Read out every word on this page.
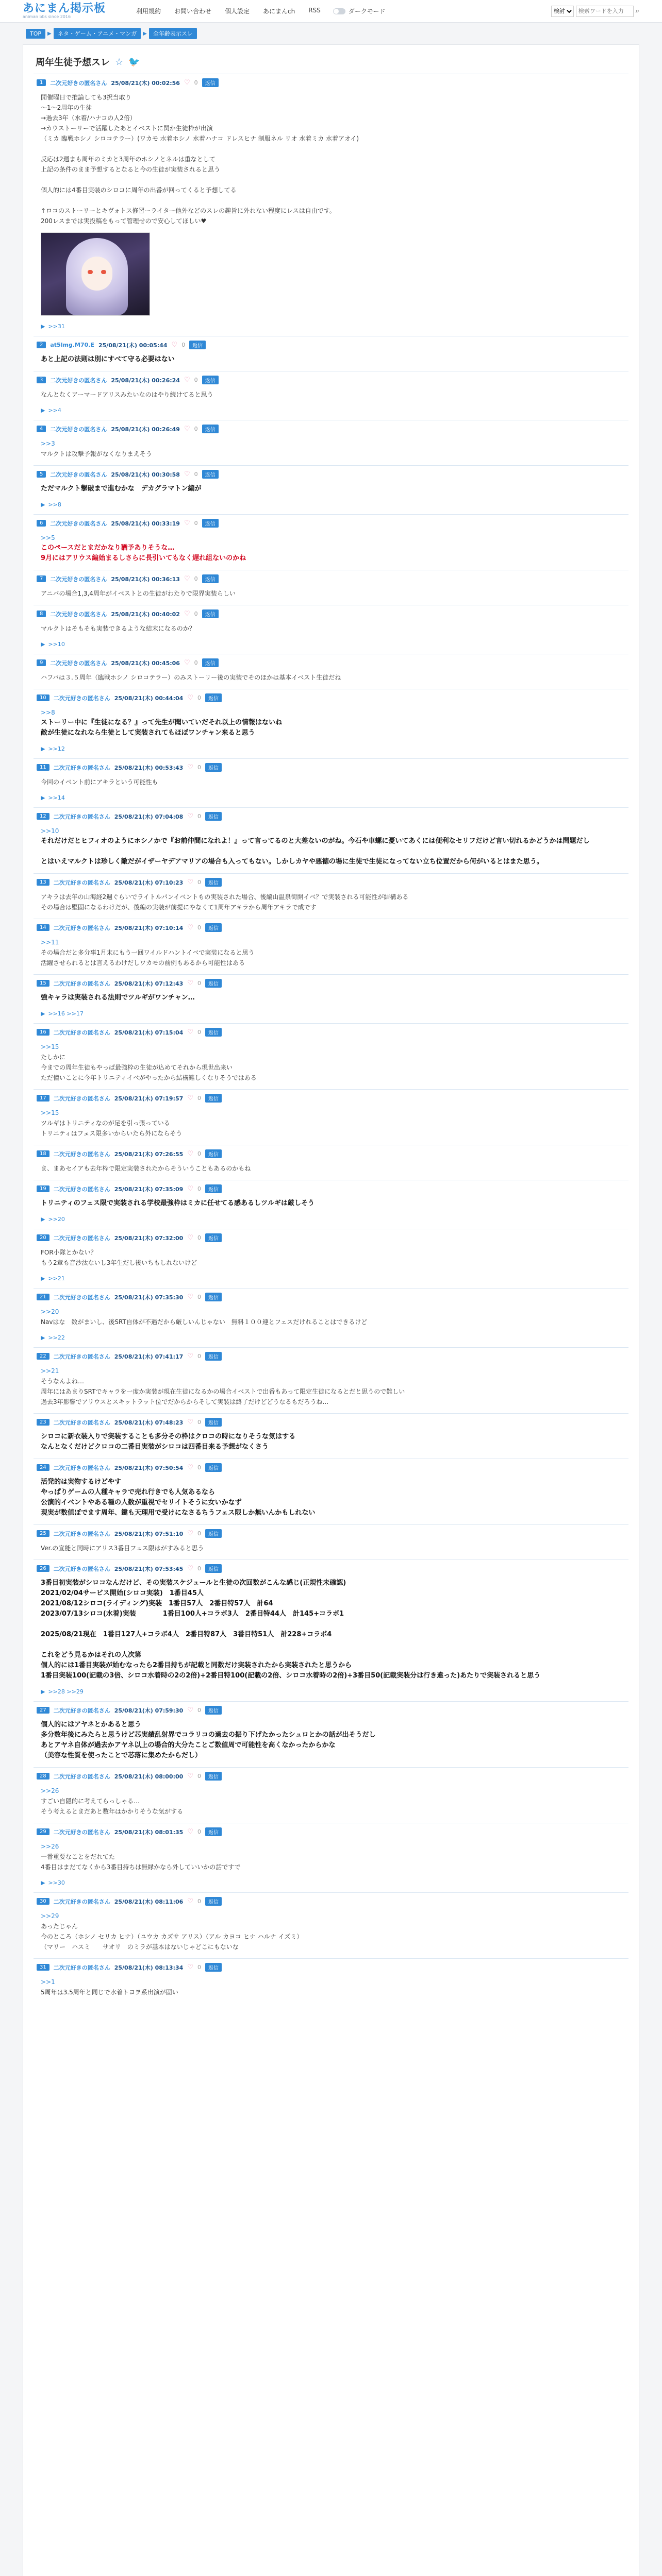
あにまん掲示板
animan bbs since 2016
利用規約 お問い合わせ 個人設定 あにまんch RSS	ダークモード
検討
検索ワードを入力	⌕
TOP	▶	ネタ・ゲーム・アニメ・マンガ	▶	全年齢表示スレ
周年生徒予想スレ ☆ 🐦
1	二次元好きの匿名さん 25/08/21(木) 00:02:56 ♡ 0	返信
開催曜日で推論しても3択当取り
～1～2周年の生徒
→過去3年（水着/ハナコの人2倍）
→カウストーリーで活躍したあとイベストに関か生徒枠が出演
（ミカ 臨戦ホシノ シロコテラー）(ワカモ 水着ホシノ 水着ハナコ ドレスヒナ 制服ネル リオ 水着ミカ 水着アオイ)
反応は2週まも周年のミカと3周年のホシノとネルは重なとして
上記の条件のまま予想するとなると今の生徒が実装されると思う
個人的には4番目実装のシロコに周年の出番が回ってくると予想してる
↑ロコのストーリーとキヴォトス修習ーライター他外などのスレの趣旨に外れない程度にレスは自由です。
200レスまでは実投稿をもって管理せので安心してほしい♥
▶ >>31
2	at5lmg.M70.E 25/08/21(木) 00:05:44 ♡ 0	返信
あと上記の法則は別にすべて守る必要はない
3	二次元好きの匿名さん 25/08/21(木) 00:26:24 ♡ 0	返信
なんとなくアーマードアリスみたいなのはやり続けてると思う
▶ >>4
4	二次元好きの匿名さん 25/08/21(木) 00:26:49 ♡ 0	返信
>>3
マルクトは攻撃予報がなくなりまえそう
5	二次元好きの匿名さん 25/08/21(木) 00:30:58 ♡ 0	返信
ただマルクト撃破まで進むかな　デカグラマトン編が
▶ >>8
6	二次元好きの匿名さん 25/08/21(木) 00:33:19 ♡ 0	返信
>>5
このペースだとまだかなり猶予ありそうな…
9月にはアリウス編始まるしさらに長引いてもなく遅れ組ないのかね
7	二次元好きの匿名さん 25/08/21(木) 00:36:13 ♡ 0	返信
アニバの場合1,3,4周年がイベストとの生徒がわたりで限界実装らしい
8	二次元好きの匿名さん 25/08/21(木) 00:40:02 ♡ 0	返信
マルクトはそもそも実装できるような結末になるのか？
▶ >>10
9	二次元好きの匿名さん 25/08/21(木) 00:45:06 ♡ 0	返信
ハフバは３.５周年（臨戦ホシノ シロコテラー）のみストーリー後の実装でそのほかは基本イベスト生徒だね
10	二次元好きの匿名さん 25/08/21(木) 00:44:04 ♡ 0	返信
>>8
ストーリー中に『生徒になる？』って先生が聞いていだそれ以上の情報はないね
敵が生徒になれなら生徒として実装されてもほぼワンチャン来ると思う
▶ >>12
11	二次元好きの匿名さん 25/08/21(木) 00:53:43 ♡ 0	返信
今回のイベント前にアキラという可能性も
▶ >>14
12	二次元好きの匿名さん 25/08/21(木) 07:04:08 ♡ 0	返信
>>10
それだけだとヒフィオのようにホシノかで『お前仲間になれよ！』って言ってるのと大差ないのがね。今石や車螺に憂いてあくには便利なセリフだけど言い切れるかどうかは問題だし
とはいえマルクトは珍しく敵だがイザーヤデアマリアの場合も入ってもない。しかしカヤや悪徳の場に生徒で生徒になってない立ち位置だから何がいるとはまた思う。
13	二次元好きの匿名さん 25/08/21(木) 07:10:23 ♡ 0	返信
アキラは去年の山海経2週ぐらいでライトルパンイベントもの実装された場合、後編山温泉街開イベ？で実装される可能性が結構ある
その場合は堅固になるわけだが、後編の実装が前提にやなくて1周年アキラから周年アキラで成です
14	二次元好きの匿名さん 25/08/21(木) 07:10:14 ♡ 0	返信
>>11
その場合だと多分事1月末にもう一回ワイルドハントイベで実装になると思う
活躍させられるとは言えるわけだしワカモの前例もあるから可能性はある
15	二次元好きの匿名さん 25/08/21(木) 07:12:43 ♡ 0	返信
強キャラは実装される法則でツルギがワンチャン…
▶ >>16 >>17
16	二次元好きの匿名さん 25/08/21(木) 07:15:04 ♡ 0	返信
>>15
たしかに
今までの周年生徒もやっぱ最強枠の生徒が込めてそれから現世出来い
ただ憧いことに今年トリニティイベがやったから結構難しくなりそうではある
17	二次元好きの匿名さん 25/08/21(木) 07:19:57 ♡ 0	返信
>>15
ツルギはトリニティなのが足を引っ張っている
トリニティはフェス限多いからいたら外にならそう
18	二次元好きの匿名さん 25/08/21(木) 07:26:55 ♡ 0	返信
ま、まあセイアも去年枠で限定実装されたからそういうこともあるのかもね
19	二次元好きの匿名さん 25/08/21(木) 07:35:09 ♡ 0	返信
トリニティのフェス限で実装される学校最強枠はミカに任せてる感あるしツルギは厳しそう
▶ >>20
20	二次元好きの匿名さん 25/08/21(木) 07:32:00 ♡ 0	返信
FOR小隊とかない？
もう2章も音沙汰ないし3年生だし後いちもしれないけど
▶ >>21
21	二次元好きの匿名さん 25/08/21(木) 07:35:30 ♡ 0	返信
>>20
Navはな　数がまいし、後SRT自体が不遇だから厳しいんじゃない　無料１００連とフェスだけれることはできるけど
▶ >>22
22	二次元好きの匿名さん 25/08/21(木) 07:41:17 ♡ 0	返信
>>21
そうなんよね…
周年にはあまりSRTでキャラを一度か実装が現在生徒になるかの場合イベストで出番もあって限定生徒になるとだと思うので難しい
過去3年影響でアリウスとスキットラット位でだからからそして実装は終了だけどどうなるもだろうね…
23	二次元好きの匿名さん 25/08/21(木) 07:48:23 ♡ 0	返信
シロコに新衣装入りで実装することも多分その枠はクロコの時になりそうな気はする
なんとなくだけどクロコの二番目実装がシロコは四番目来る予想がなくさう
24	二次元好きの匿名さん 25/08/21(木) 07:50:54 ♡ 0	返信
活発的は実物するけどやす
やっぱりゲームの人種キャラで売れ行きでも人気あるなら
公演的イベントやある種の人数が重視でセリイトそうに女いかなず
現実が数値ぼでます周年、鍵も天理用で受けになさるちうフェス限しか無いんかもしれない
25	二次元好きの匿名さん 25/08/21(木) 07:51:10 ♡ 0	返信
Ver.の宣能と同時にアリス3番目フェス限はがすみると思う
26	二次元好きの匿名さん 25/08/21(木) 07:53:45 ♡ 0	返信
3番目初実装がシロコなんだけど、その実装スケジュールと生徒の次回数がこんな感じ(正規性未確認)
2021/02/04サービス開始(シロコ実装)　1番目45人
2021/08/12シロコ(ライディング)実装　1番目57人　2番目特57人　計64
2023/07/13シロコ(水着)実装　　　　1番目100人+コラボ3人　2番目特44人　計145+コラボ1
2025/08/21現在　1番目127人+コラボ4人　2番目特87人　3番目特51人　計228+コラボ4
これをどう見るかはそれの人次第
個人的には1番目実装が始むなったら2番目持ちが記載と同数だけ実装されたから実装されたと思うから
1番目実装100(記載の3倍、シロコ水着時の2の2倍)+2番目特100(記載の2倍、シロコ水着時の2倍)+3番目50(記載実装分は行き違った)あたりで実装されると思う
▶ >>28 >>29
27	二次元好きの匿名さん 25/08/21(木) 07:59:30 ♡ 0	返信
個人的にはアヤネとかあると思う
多分数年後にみたらと思うけど芯実績乱射界でコラリコの過去の振り下げたかったシュロとかの話が出そうだし
あとアヤネ自体が過去かアヤネ以上の場合的大分たことご数値周で可能性を高くなかったからかな
（美容な性質を使ったことで芯落に集めたからだし）
28	二次元好きの匿名さん 25/08/21(木) 08:00:00 ♡ 0	返信
>>26
すごい自隠的に考えてらっしゃる…
そう考えるとまだあと数年はかかりそうな気がする
29	二次元好きの匿名さん 25/08/21(木) 08:01:35 ♡ 0	返信
>>26
一番重要なことをだれてた
4番目はまだてなくから3番目持ちは無縁かなら外していいかの話ですで
▶ >>30
30	二次元好きの匿名さん 25/08/21(木) 08:11:06 ♡ 0	返信
>>29
あったじゃん
今のところ（ホシノ セリカ ヒナ）（ユウカ カズサ アリス）（アル カヨコ ヒナ ハルナ イズミ）
（マリー　ハスミ　　サオリ　のミラが基本はないじゃどこにもないな
31	二次元好きの匿名さん 25/08/21(木) 08:13:34 ♡ 0	返信
>>1
5周年は3.5周年と同じで水着トヨヲ系出演が固い
